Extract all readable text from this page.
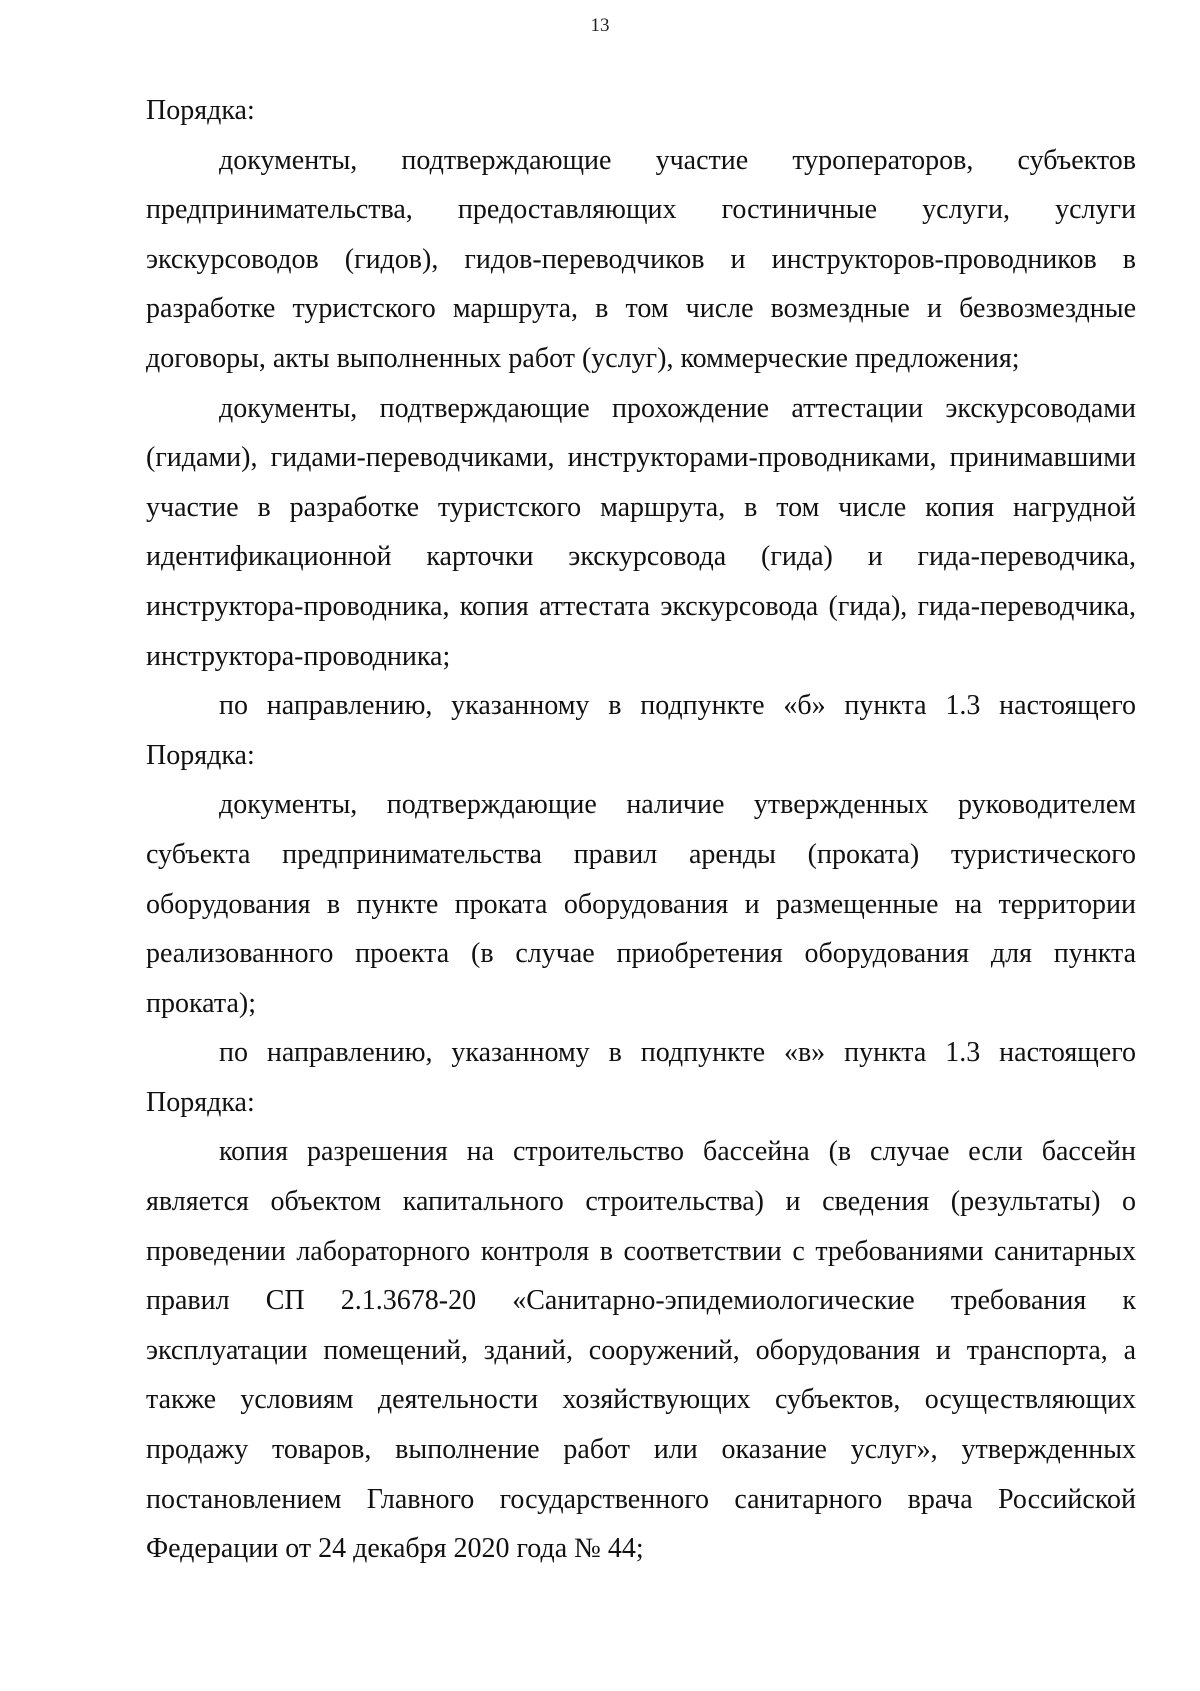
13

Порядка:

документы, подтверждающие участие туроператоров, субъектов предпринимательства, предоставляющих гостиничные услуги, услуги экскурсоводов (гидов), гидов-переводчиков и инструкторов-проводников в разработке туристского маршрута, в том числе возмездные и безвозмездные договоры, акты выполненных работ (услуг), коммерческие предложения;

документы, подтверждающие прохождение аттестации экскурсоводами (гидами), гидами-переводчиками, инструкторами-проводниками, принимавшими участие в разработке туристского маршрута, в том числе копия нагрудной идентификационной карточки экскурсовода (гида) и гида-переводчика, инструктора-проводника, копия аттестата экскурсовода (гида), гида-переводчика, инструктора-проводника;

по направлению, указанному в подпункте «б» пункта 1.3 настоящего Порядка:

документы, подтверждающие наличие утвержденных руководителем субъекта предпринимательства правил аренды (проката) туристического оборудования в пункте проката оборудования и размещенные на территории реализованного проекта (в случае приобретения оборудования для пункта проката);

по направлению, указанному в подпункте «в» пункта 1.3 настоящего Порядка:

копия разрешения на строительство бассейна (в случае если бассейн является объектом капитального строительства) и сведения (результаты) о проведении лабораторного контроля в соответствии с требованиями санитарных правил СП 2.1.3678-20 «Санитарно-эпидемиологические требования к эксплуатации помещений, зданий, сооружений, оборудования и транспорта, а также условиям деятельности хозяйствующих субъектов, осуществляющих продажу товаров, выполнение работ или оказание услуг», утвержденных постановлением Главного государственного санитарного врача Российской Федерации от 24 декабря 2020 года № 44;
